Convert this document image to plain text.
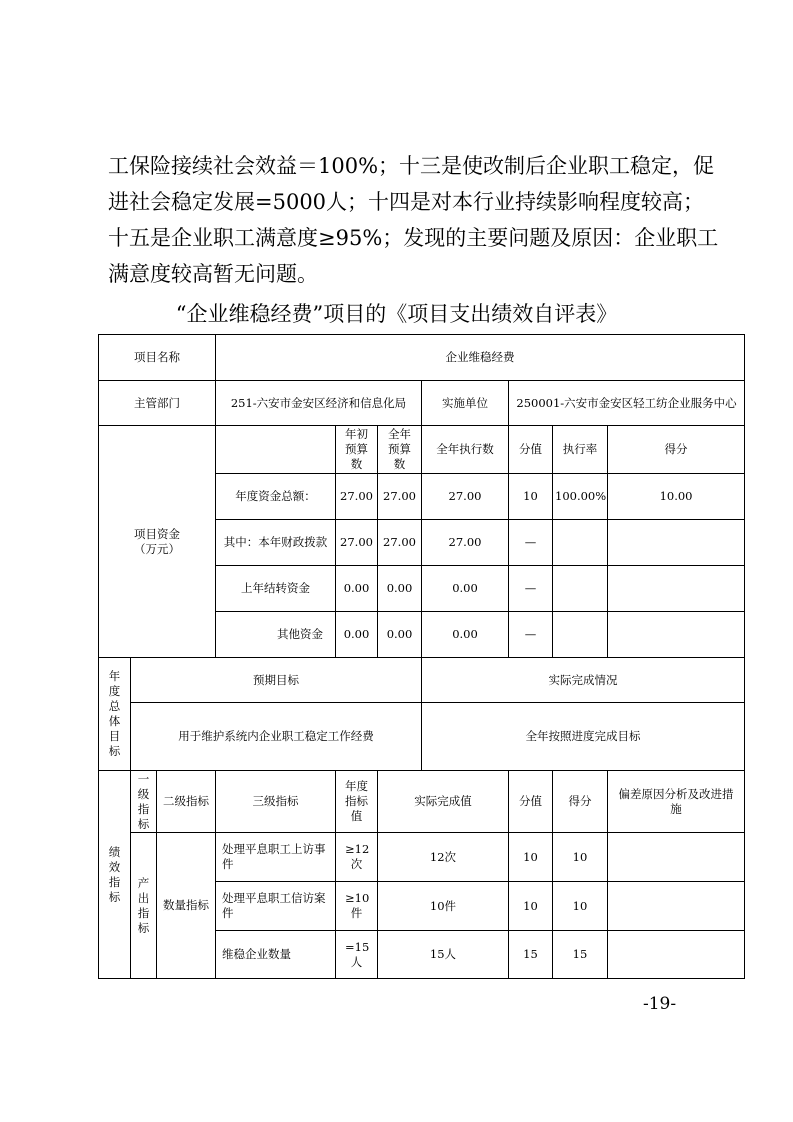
工保险接续社会效益＝100%；十三是使改制后企业职工稳定，促

进社会稳定发展=5000人；十四是对本行业持续影响程度较高；

十五是企业职工满意度≥95%；发现的主要问题及原因：企业职工

满意度较高暂无问题。

“企业维稳经费”项目的《项目支出绩效自评表》

项目名称			企业维稳经费						
主管部门			251-六安市金安区经济和信息化局			实施单位	250001-六安市金安区轻工纺企业服务中心		

项目资金
（万元）				年初预算数	全年预算数	全年执行数	分值	执行率	得分
			年度资金总额：	27.00	27.00	27.00	10	100.00%	10.00
			其中：本年财政拨款	27.00	27.00	27.00	—		
			上年结转资金	0.00	0.00	0.00	—		
			其他资金	0.00	0.00	0.00	—		
年度总体目标	预期目标					实际完成情况			
	用于维护系统内企业职工稳定工作经费					全年按照进度完成目标			
绩效指标	一级指标	二级指标	三级指标	年度指标值	实际完成值		分值	得分	偏差原因分析及改进措施
	产出指标	数量指标	处理平息职工上访事件	≥12次	12次		10	10	
			处理平息职工信访案件	≥10件	10件		10	10	
			维稳企业数量	=15人	15人		15	15	

-19-
